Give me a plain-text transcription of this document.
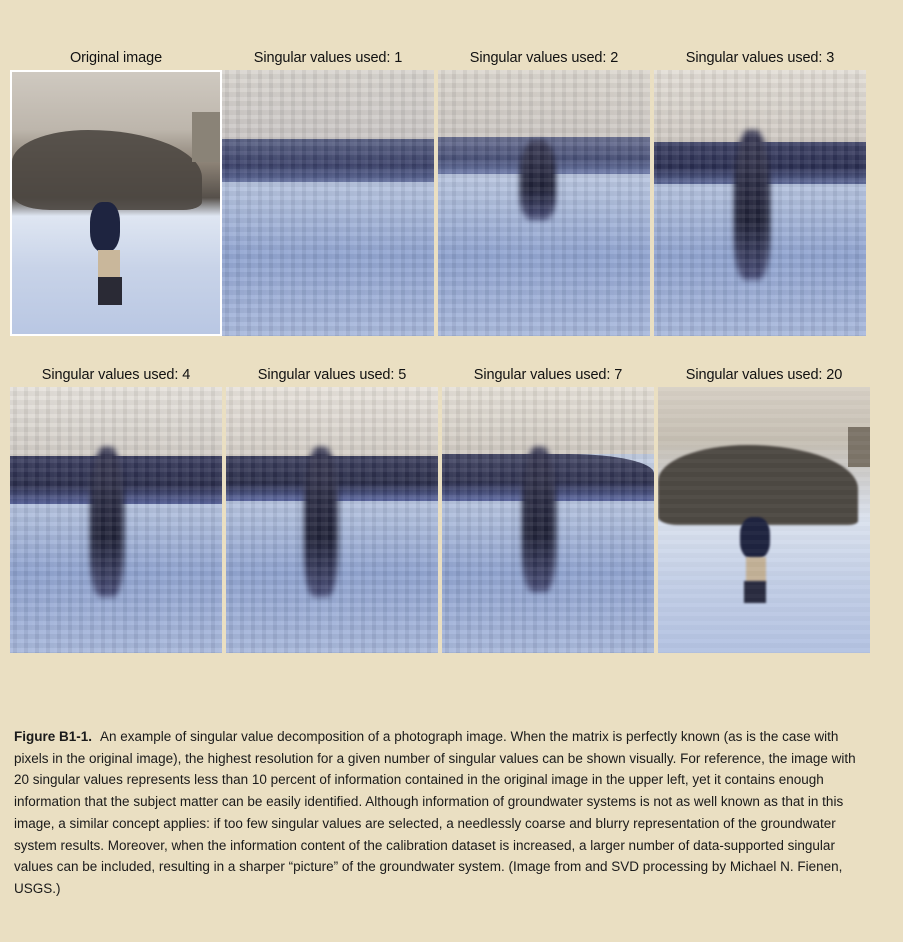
Original image	Singular values used: 1	Singular values used: 2	Singular values used: 3
Singular values used: 4	Singular values used: 5	Singular values used: 7	Singular values used: 20
Figure B1-1. An example of singular value decomposition of a photograph image. When the matrix is perfectly known (as is the case with pixels in the original image), the highest resolution for a given number of singular values can be shown visually. For reference, the image with 20 singular values represents less than 10 percent of information contained in the original image in the upper left, yet it contains enough information that the subject matter can be easily identified. Although information of groundwater systems is not as well known as that in this image, a similar concept applies: if too few singular values are selected, a needlessly coarse and blurry representation of the groundwater system results. Moreover, when the information content of the calibration dataset is increased, a larger number of data-supported singular values can be included, resulting in a sharper “picture” of the groundwater system. (Image from and SVD processing by Michael N. Fienen, USGS.)
